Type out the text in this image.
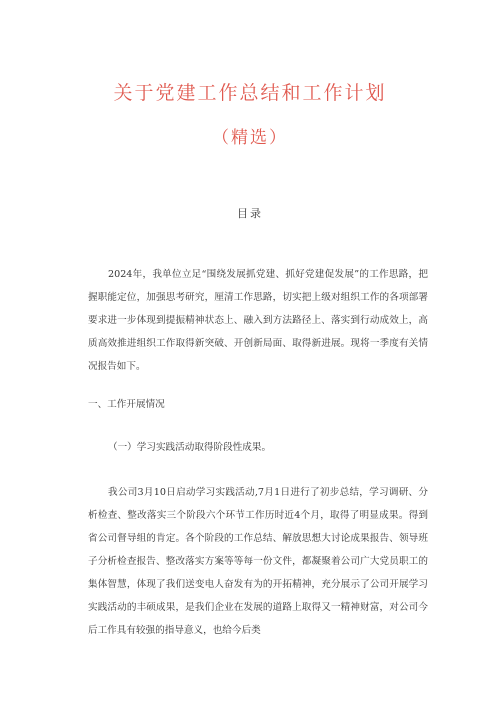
关于党建工作总结和工作计划
（精选）
目录

2024年，我单位立足“围绕发展抓党建、抓好党建促发展”的工作思路，把握职能定位，加强思考研究，厘清工作思路，切实把上级对组织工作的各项部署要求进一步体现到提振精神状态上、融入到方法路径上、落实到行动成效上，高质高效推进组织工作取得新突破、开创新局面、取得新进展。现将一季度有关情况报告如下。

一、工作开展情况

（一）学习实践活动取得阶段性成果。

我公司3月10日启动学习实践活动,7月1日进行了初步总结，学习调研、分析检查、整改落实三个阶段六个环节工作历时近4个月，取得了明显成果。得到省公司督导组的肯定。各个阶段的工作总结、解放思想大讨论成果报告、领导班子分析检查报告、整改落实方案等等每一份文件，都凝聚着公司广大党员职工的集体智慧，体现了我们送变电人奋发有为的开拓精神，充分展示了公司开展学习实践活动的丰硕成果，是我们企业在发展的道路上取得又一精神财富，对公司今后工作具有较强的指导意义，也给今后类
